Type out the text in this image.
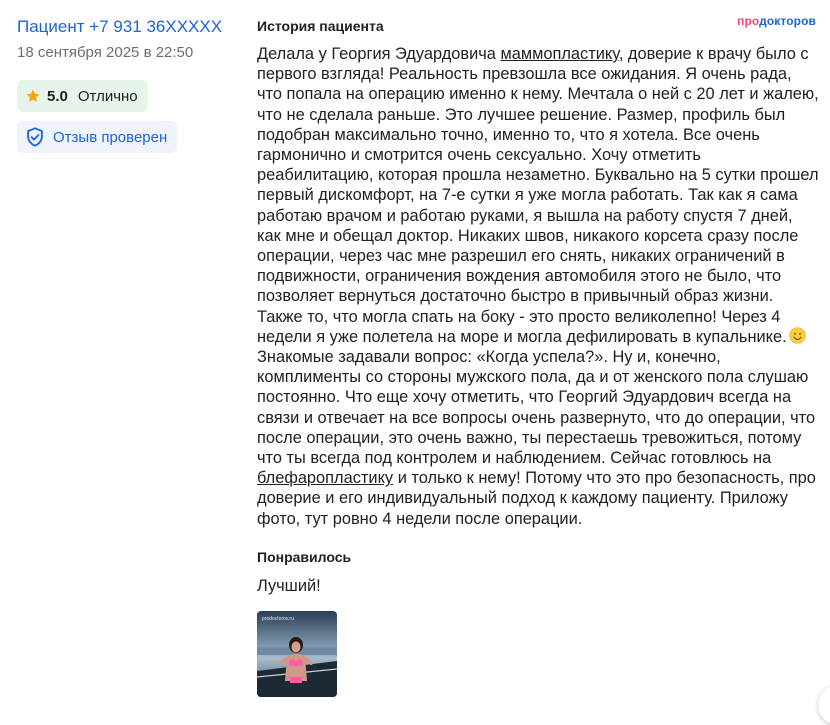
Пациент +7 931 36XXXXX
18 сентября 2025 в 22:50
5.0 Отлично
Отзыв проверен
продокторов
История пациента
Делала у Георгия Эдуардовича маммопластику, доверие к врачу было с первого взгляда! Реальность превзошла все ожидания. Я очень рада, что попала на операцию именно к нему. Мечтала о ней с 20 лет и жалею, что не сделала раньше. Это лучшее решение. Размер, профиль был подобран максимально точно, именно то, что я хотела. Все очень гармонично и смотрится очень сексуально. Хочу отметить реабилитацию, которая прошла незаметно. Буквально на 5 сутки прошел первый дискомфорт, на 7-е сутки я уже могла работать. Так как я сама работаю врачом и работаю руками, я вышла на работу спустя 7 дней, как мне и обещал доктор. Никаких швов, никакого корсета сразу после операции, через час мне разрешил его снять, никаких ограничений в подвижности, ограничения вождения автомобиля этого не было, что позволяет вернуться достаточно быстро в привычный образ жизни. Также то, что могла спать на боку - это просто великолепно! Через 4 недели я уже полетела на море и могла дефилировать в купальнике. Знакомые задавали вопрос: «Когда успела?». Ну и, конечно, комплименты со стороны мужского пола, да и от женского пола слушаю постоянно. Что еще хочу отметить, что Георгий Эдуардович всегда на связи и отвечает на все вопросы очень развернуто, что до операции, что после операции, это очень важно, ты перестаешь тревожиться, потому что ты всегда под контролем и наблюдением. Сейчас готовлюсь на блефаропластику и только к нему! Потому что это про безопасность, про доверие и его индивидуальный подход к каждому пациенту. Приложу фото, тут ровно 4 недели после операции.
Понравилось
Лучший!
prodoctorov.ru
